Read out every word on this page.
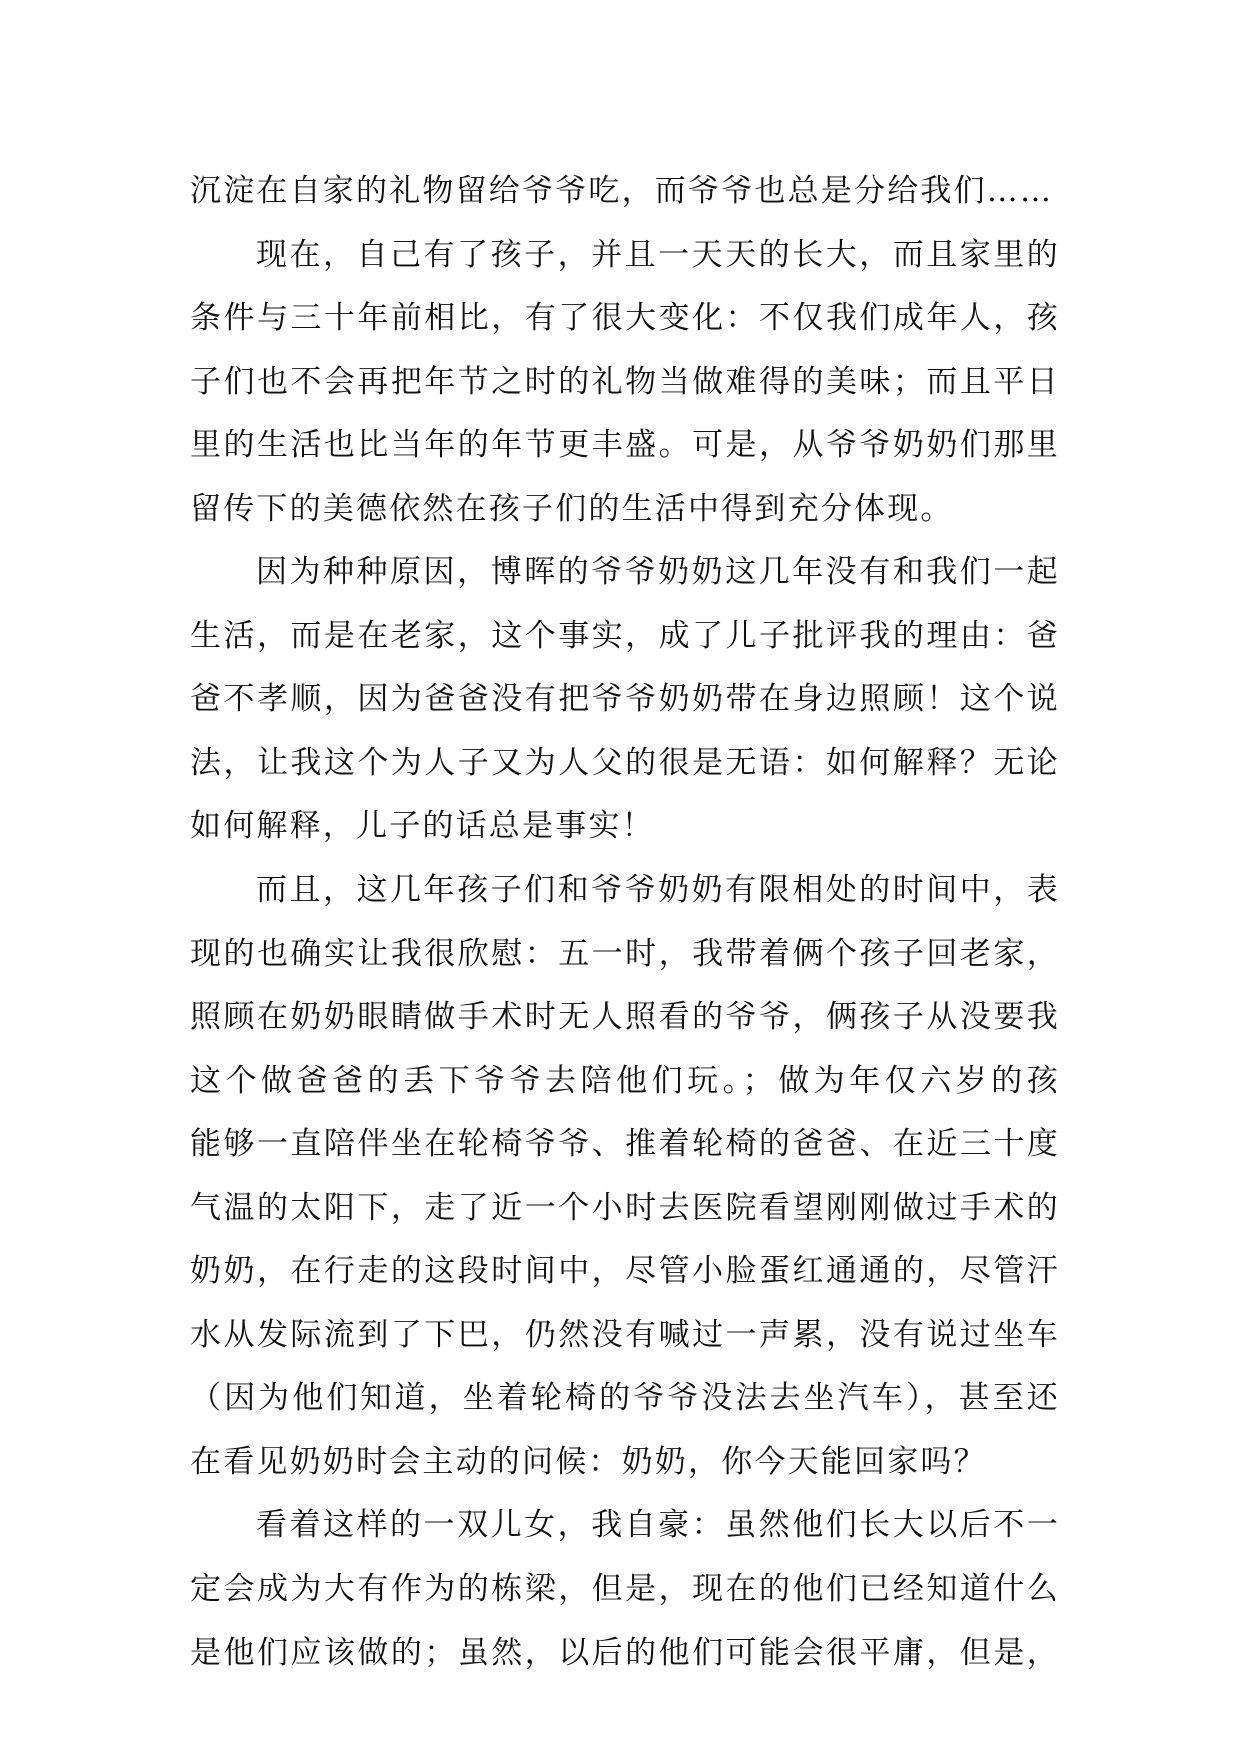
沉淀在自家的礼物留给爷爷吃，而爷爷也总是分给我们……
现在，自己有了孩子，并且一天天的长大，而且家里的
条件与三十年前相比，有了很大变化：不仅我们成年人，孩
子们也不会再把年节之时的礼物当做难得的美味；而且平日
里的生活也比当年的年节更丰盛。可是，从爷爷奶奶们那里
留传下的美德依然在孩子们的生活中得到充分体现。
因为种种原因，博晖的爷爷奶奶这几年没有和我们一起
生活，而是在老家，这个事实，成了儿子批评我的理由：爸
爸不孝顺，因为爸爸没有把爷爷奶奶带在身边照顾！这个说
法，让我这个为人子又为人父的很是无语：如何解释？无论
如何解释，儿子的话总是事实！
而且，这几年孩子们和爷爷奶奶有限相处的时间中，表
现的也确实让我很欣慰：五一时，我带着俩个孩子回老家，
照顾在奶奶眼睛做手术时无人照看的爷爷，俩孩子从没要我
这个做爸爸的丢下爷爷去陪他们玩。；做为年仅六岁的孩
能够一直陪伴坐在轮椅爷爷、推着轮椅的爸爸、在近三十度
气温的太阳下，走了近一个小时去医院看望刚刚做过手术的
奶奶，在行走的这段时间中，尽管小脸蛋红通通的，尽管汗
水从发际流到了下巴，仍然没有喊过一声累，没有说过坐车
（因为他们知道，坐着轮椅的爷爷没法去坐汽车），甚至还
在看见奶奶时会主动的问候：奶奶，你今天能回家吗？
看着这样的一双儿女，我自豪：虽然他们长大以后不一
定会成为大有作为的栋梁，但是，现在的他们已经知道什么
是他们应该做的；虽然，以后的他们可能会很平庸，但是，
